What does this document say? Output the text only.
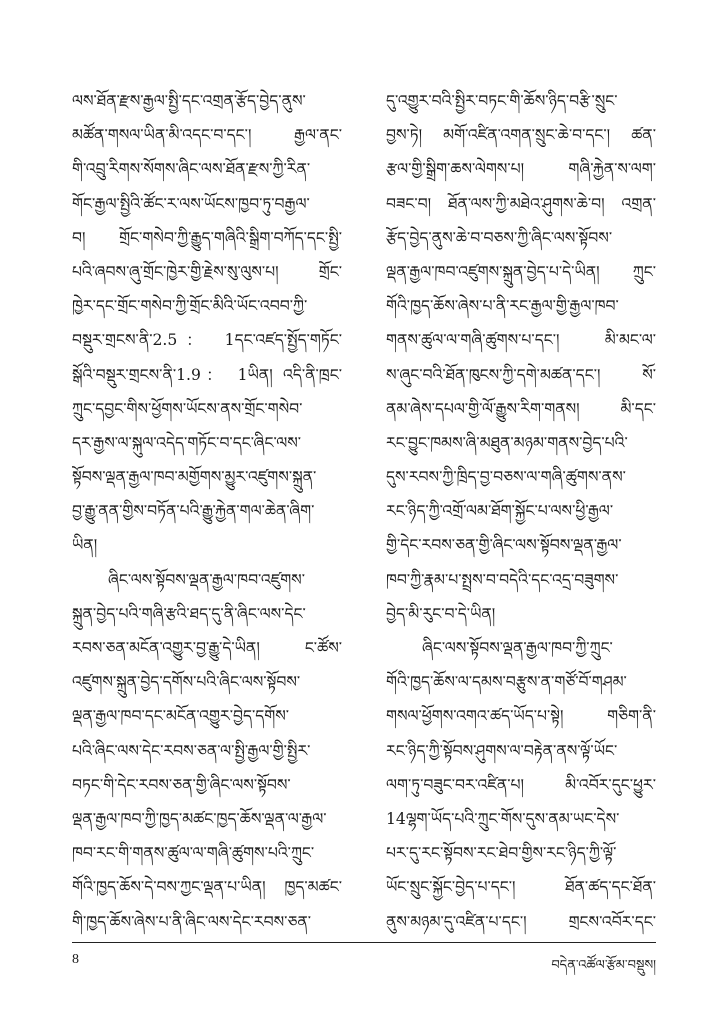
ལས་ཐོན་རྫས་རྒྱལ་སྤྱི་དང་འགྲན་རྩོད་བྱེད་ནུས་
མཚོན་གསལ་ཡིན་མི་འདང་བ་དང་། རྒྱལ་ནང་
གི་འབྲུ་རིགས་སོགས་ཞིང་ལས་ཐོན་རྫས་ཀྱི་རིན་
གོང་རྒྱལ་སྤྱིའི་ཚོང་ར་ལས་ཡོངས་ཁྱབ་ཏུ་བརྒྱལ་
བ། གྲོང་གསེབ་ཀྱི་རྒྱུད་གཞིའི་སྒྲིག་བཀོད་དང་སྤྱི་
པའི་ཞབས་ཞུ་གྲོང་ཁྱེར་གྱི་རྗེས་སུ་ལུས་པ། གྲོང་
ཁྱེར་དང་གྲོང་གསེབ་ཀྱི་གྲོང་མིའི་ཡོང་འབབ་ཀྱི་
བསྡུར་གྲངས་ནི་2.5： 1དང་འཛད་སྤྱོད་གཏོང་
སྒོའི་བསྡུར་གྲངས་ནི་1.9： 1ཡིན། འདི་ནི་ཁྲང་
ཀྲུང་དབྱང་གིས་ཕྱོགས་ཡོངས་ནས་གྲོང་གསེབ་
དར་རྒྱས་ལ་སྐུལ་འདེད་གཏོང་བ་དང་ཞིང་ལས་
སྟོབས་ལྡན་རྒྱལ་ཁབ་མགྱོགས་མྱུར་འཛུགས་སྐྲུན་
བྱ་རྒྱུ་ནན་གྱིས་བཏོན་པའི་རྒྱུ་རྐྱེན་གལ་ཆེན་ཞིག་
ཡིན།
ཞིང་ལས་སྟོབས་ལྡན་རྒྱལ་ཁབ་འཛུགས་
སྐྲུན་བྱེད་པའི་གཞི་རྩའི་ཐད་དུ་ནི་ཞིང་ལས་དེང་
རབས་ཅན་མངོན་འགྱུར་བྱ་རྒྱུ་དེ་ཡིན། ང་ཚོས་
འཛུགས་སྐྲུན་བྱེད་དགོས་པའི་ཞིང་ལས་སྟོབས་
ལྡན་རྒྱལ་ཁབ་དང་མངོན་འགྱུར་བྱེད་དགོས་
པའི་ཞིང་ལས་དེང་རབས་ཅན་ལ་སྤྱི་རྒྱལ་གྱི་སྤྱིར་
བཏང་གི་དེང་རབས་ཅན་གྱི་ཞིང་ལས་སྟོབས་
ལྡན་རྒྱལ་ཁབ་ཀྱི་ཁྱད་མཚང་ཁྱད་ཆོས་ལྡན་ལ་རྒྱལ་
ཁབ་རང་གི་གནས་ཚུལ་ལ་གཞི་ཚུགས་པའི་ཀྲུང་
གོའི་ཁྱད་ཆོས་དེ་བས་ཀྱང་ལྡན་པ་ཡིན། ཁྱད་མཚང་
གི་ཁྱད་ཆོས་ཞེས་པ་ནི་ཞིང་ལས་དེང་རབས་ཅན་
དུ་འགྱུར་བའི་སྤྱིར་བཏང་གི་ཆོས་ཉིད་བརྩི་སྲུང་
བྱས་ཏེ། མགོ་འཛིན་འགན་སྲུང་ཆེ་བ་དང་། ཚན་
རྩལ་གྱི་སྒྲིག་ཆས་ལེགས་པ། གཞི་རྐྱེན་ས་ལག་
བཟང་བ། ཐོན་ལས་ཀྱི་མཐེའ་ཤུགས་ཆེ་བ། འགྲན་
རྩོད་བྱེད་ནུས་ཆེ་བ་བཅས་ཀྱི་ཞིང་ལས་སྟོབས་
ལྡན་རྒྱལ་ཁབ་འཛུགས་སྐྲུན་བྱེད་པ་དེ་ཡིན། ཀྲུང་
གོའི་ཁྱད་ཆོས་ཞེས་པ་ནི་རང་རྒྱལ་གྱི་རྒྱལ་ཁབ་
གནས་ཚུལ་ལ་གཞི་ཚུགས་པ་དང་། མི་མང་ལ་
ས་ཞུང་བའི་ཐོན་ཁུངས་ཀྱི་དགེ་མཚན་དང་། སོ་
ནམ་ཞེས་དཔལ་གྱི་ལོ་རྒྱུས་རིག་གནས། མི་དང་
རང་བྱུང་ཁམས་ཞི་མཐུན་མཉམ་གནས་བྱེད་པའི་
དུས་རབས་ཀྱི་ཁྲིད་བྱ་བཅས་ལ་གཞི་ཚུགས་ནས་
རང་ཉིད་ཀྱི་འགྲོ་ལམ་ཐོག་སྐྱོང་པ་ལས་ཕྱི་རྒྱལ་
གྱི་དེང་རབས་ཅན་གྱི་ཞིང་ལས་སྟོབས་ལྡན་རྒྱལ་
ཁབ་ཀྱི་རྣམ་པ་སྤྲས་བ་བདེའི་དང་འདྲ་བཟུགས་
བྱེད་མི་རུང་བ་དེ་ཡིན།
ཞིང་ལས་སྟོབས་ལྡན་རྒྱལ་ཁབ་ཀྱི་ཀྲུང་
གོའི་ཁྱད་ཆོས་ལ་དམས་བརྩུས་ན་གཙོ་བོ་གཤམ་
གསལ་ཕྱོགས་འགའ་ཚད་ཡོད་པ་སྟེ། གཅིག་ནི་
རང་ཉིད་ཀྱི་སྟོབས་ཤུགས་ལ་བརྟེན་ནས་ལྟོ་ཡོང་
ལག་ཏུ་བཟུང་བར་འཛིན་པ། མི་འབོར་དུང་ཕྱུར་
14ལྷག་ཡོད་པའི་ཀྲུང་གོས་དུས་ནམ་ཡང་དེས་
པར་དུ་རང་སྟོབས་རང་ཐེབ་གྱིས་རང་ཉིད་ཀྱི་ལྟོ་
ཡོང་སྲུང་སྐྱོང་བྱེད་པ་དང་། ཐོན་ཚད་དང་ཐོན་
ནུས་མཉམ་དུ་འཛིན་པ་དང་། གྲངས་འབོར་དང་
8	བདེན་འཚོལ་རྩོམ་བསྡུས།
